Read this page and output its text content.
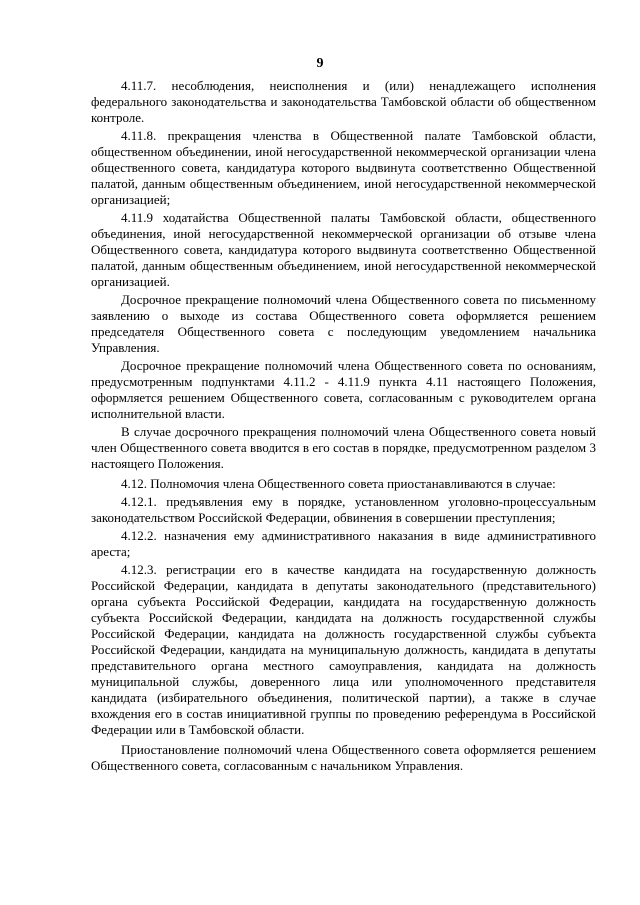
9

4.11.7. несоблюдения, неисполнения и (или) ненадлежащего исполнения федерального законодательства и законодательства Тамбовской области об общественном контроле.

4.11.8. прекращения членства в Общественной палате Тамбовской области, общественном объединении, иной негосударственной некоммерческой организации члена общественного совета, кандидатура которого выдвинута соответственно Общественной палатой, данным общественным объединением, иной негосударственной некоммерческой организацией;

4.11.9 ходатайства Общественной палаты Тамбовской области, общественного объединения, иной негосударственной некоммерческой организации об отзыве члена Общественного совета, кандидатура которого выдвинута соответственно Общественной палатой, данным общественным объединением, иной негосударственной некоммерческой организацией.

Досрочное прекращение полномочий члена Общественного совета по письменному заявлению о выходе из состава Общественного совета оформляется решением председателя Общественного совета с последующим уведомлением начальника Управления.

Досрочное прекращение полномочий члена Общественного совета по основаниям, предусмотренным подпунктами 4.11.2 - 4.11.9 пункта 4.11 настоящего Положения, оформляется решением Общественного совета, согласованным с руководителем органа исполнительной власти.

В случае досрочного прекращения полномочий члена Общественного совета новый член Общественного совета вводится в его состав в порядке, предусмотренном разделом 3 настоящего Положения.

4.12. Полномочия члена Общественного совета приостанавливаются в случае:

4.12.1. предъявления ему в порядке, установленном уголовно-процессуальным законодательством Российской Федерации, обвинения в совершении преступления;

4.12.2. назначения ему административного наказания в виде административного ареста;

4.12.3. регистрации его в качестве кандидата на государственную должность Российской Федерации, кандидата в депутаты законодательного (представительного) органа субъекта Российской Федерации, кандидата на государственную должность субъекта Российской Федерации, кандидата на должность государственной службы Российской Федерации, кандидата на должность государственной службы субъекта Российской Федерации, кандидата на муниципальную должность, кандидата в депутаты представительного органа местного самоуправления, кандидата на должность муниципальной службы, доверенного лица или уполномоченного представителя кандидата (избирательного объединения, политической партии), а также в случае вхождения его в состав инициативной группы по проведению референдума в Российской Федерации или в Тамбовской области.

Приостановление полномочий члена Общественного совета оформляется решением Общественного совета, согласованным с начальником Управления.
